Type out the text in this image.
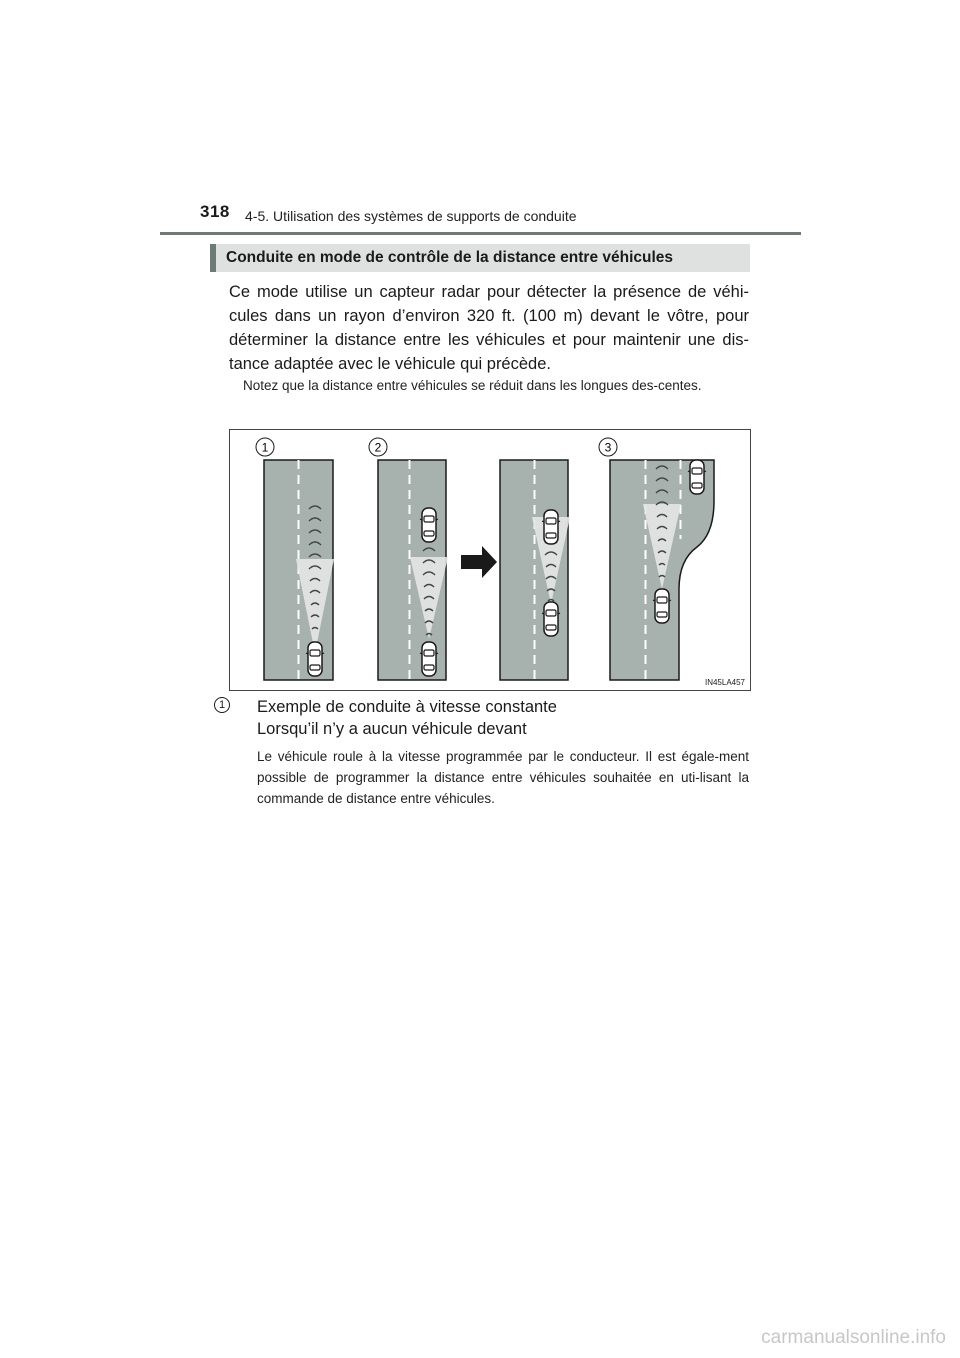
318 4-5. Utilisation des systèmes de supports de conduite
Conduite en mode de contrôle de la distance entre véhicules

Ce mode utilise un capteur radar pour détecter la présence de véhi-cules dans un rayon d’environ 320 ft. (100 m) devant le vôtre, pour déterminer la distance entre les véhicules et pour maintenir une dis-tance adaptée avec le véhicule qui précède.

Notez que la distance entre véhicules se réduit dans les longues des-centes.

1	2	3
IN45LA457
1 Exemple de conduite à vitesse constante

Lorsqu’il n’y a aucun véhicule devant

Le véhicule roule à la vitesse programmée par le conducteur. Il est égale-ment possible de programmer la distance entre véhicules souhaitée en uti-lisant la commande de distance entre véhicules.

carmanualsonline.info
